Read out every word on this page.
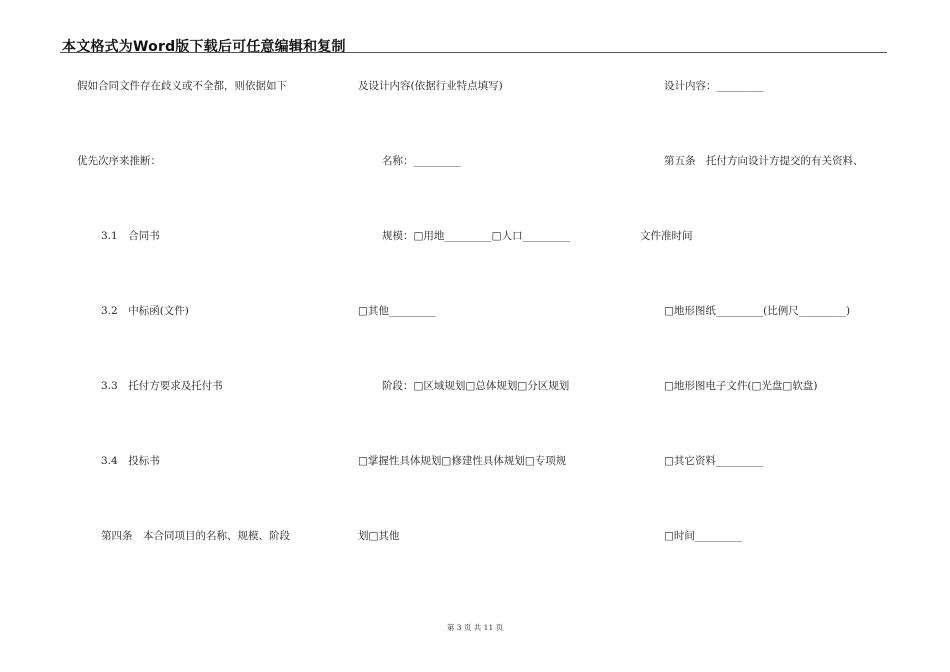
本文格式为Word版下载后可任意编辑和复制
假如合同文件存在歧义或不全都，则依据如下
优先次序来推断：
3.1　合同书
3.2　中标函(文件)
3.3　托付方要求及托付书
3.4　投标书
第四条　本合同项目的名称、规模、阶段
及设计内容(依据行业特点填写)
名称：_________
规模：□用地_________□人口_________
□其他_________
阶段：□区域规划□总体规划□分区规划
□掌握性具体规划□修建性具体规划□专项规
划□其他
设计内容：_________
第五条　托付方向设计方提交的有关资料、
文件准时间
□地形图纸_________(比例尺_________)
□地形图电子文件(□光盘□软盘)
□其它资料_________
□时间_________
第 3 页 共 11 页
